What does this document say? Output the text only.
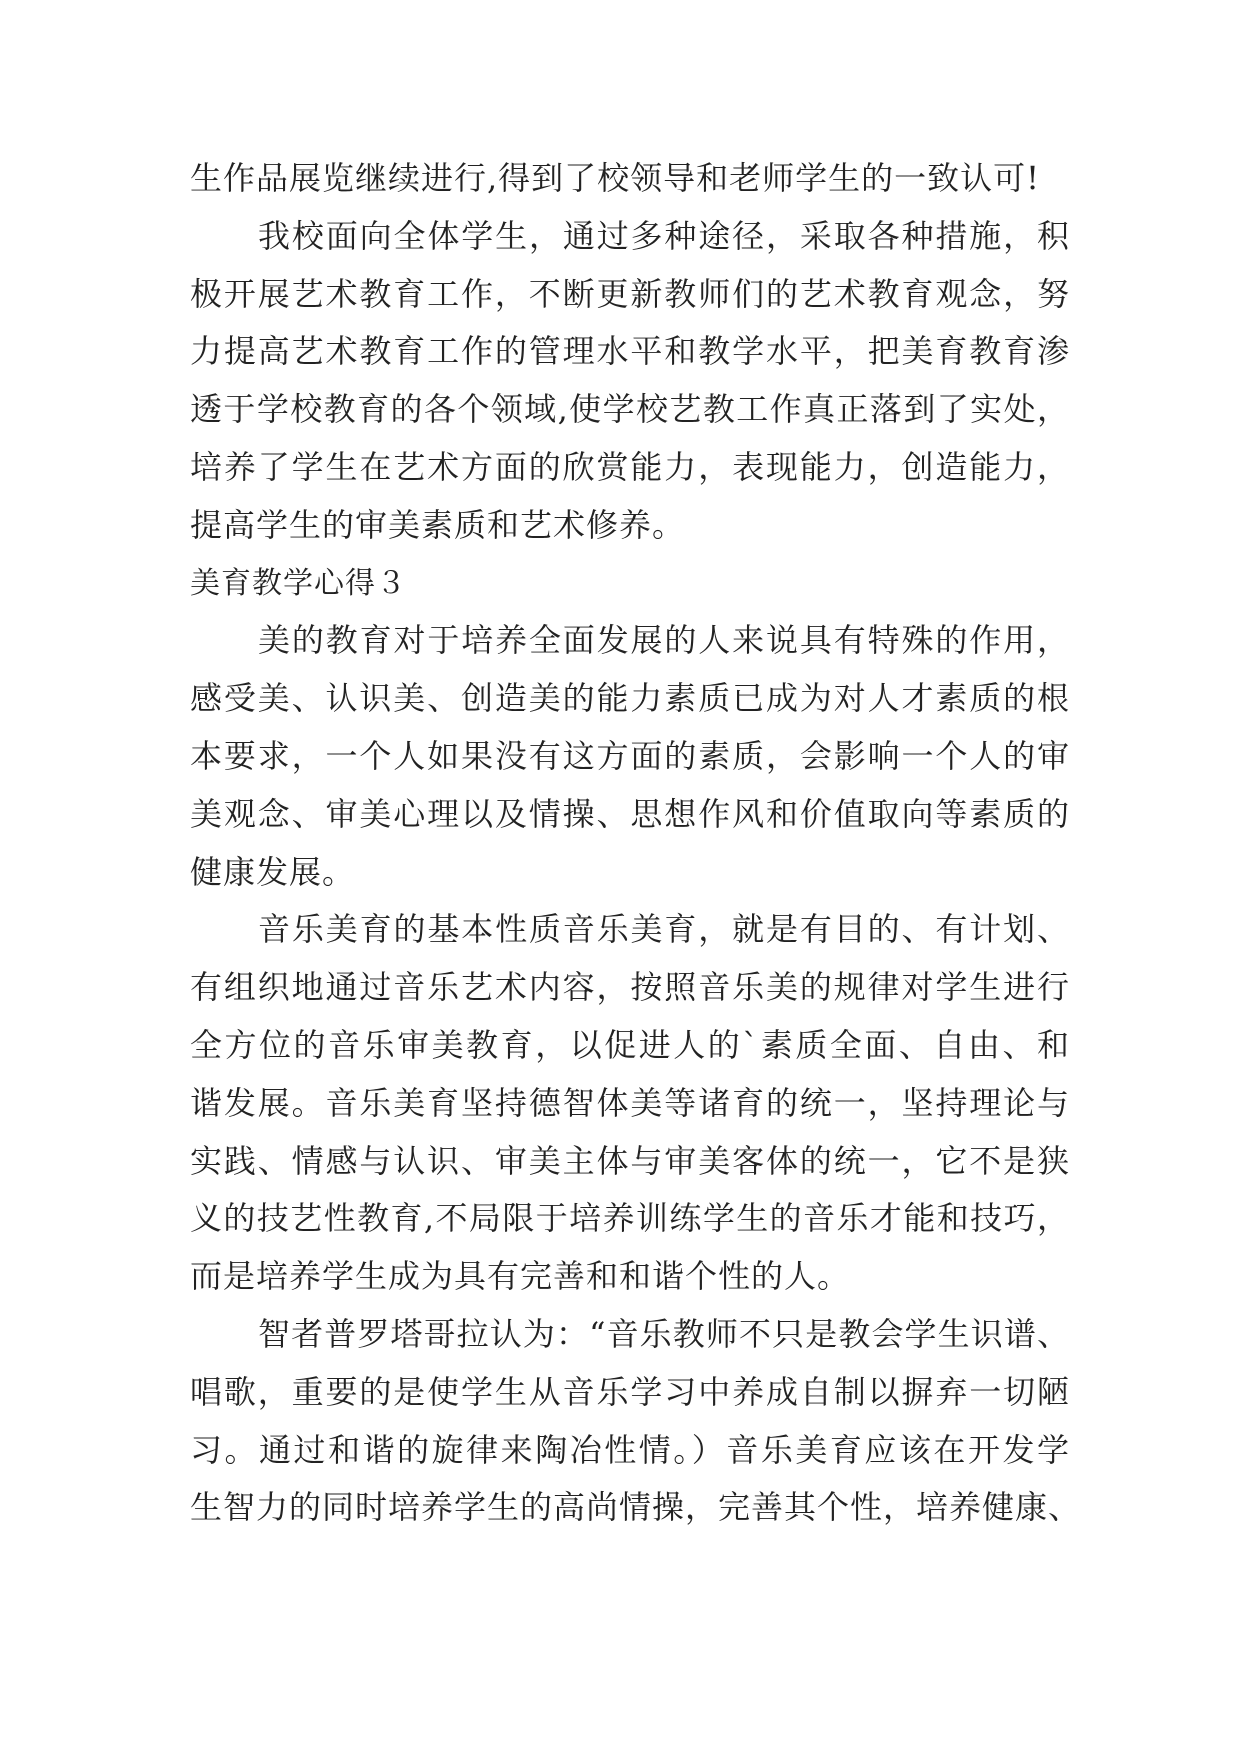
生作品展览继续进行,得到了校领导和老师学生的一致认可!
我校面向全体学生，通过多种途径，采取各种措施，积
极开展艺术教育工作，不断更新教师们的艺术教育观念，努
力提高艺术教育工作的管理水平和教学水平，把美育教育渗
透于学校教育的各个领域,使学校艺教工作真正落到了实处，
培养了学生在艺术方面的欣赏能力，表现能力，创造能力，
提高学生的审美素质和艺术修养。
美育教学心得３
美的教育对于培养全面发展的人来说具有特殊的作用，
感受美、认识美、创造美的能力素质已成为对人才素质的根
本要求，一个人如果没有这方面的素质，会影响一个人的审
美观念、审美心理以及情操、思想作风和价值取向等素质的
健康发展。
音乐美育的基本性质音乐美育，就是有目的、有计划、
有组织地通过音乐艺术内容，按照音乐美的规律对学生进行
全方位的音乐审美教育，以促进人的`素质全面、自由、和
谐发展。音乐美育坚持德智体美等诸育的统一，坚持理论与
实践、情感与认识、审美主体与审美客体的统一，它不是狭
义的技艺性教育,不局限于培养训练学生的音乐才能和技巧，
而是培养学生成为具有完善和和谐个性的人。
智者普罗塔哥拉认为：“音乐教师不只是教会学生识谱、
唱歌，重要的是使学生从音乐学习中养成自制以摒弃一切陋
习。通过和谐的旋律来陶冶性情。）音乐美育应该在开发学
生智力的同时培养学生的高尚情操，完善其个性，培养健康、
